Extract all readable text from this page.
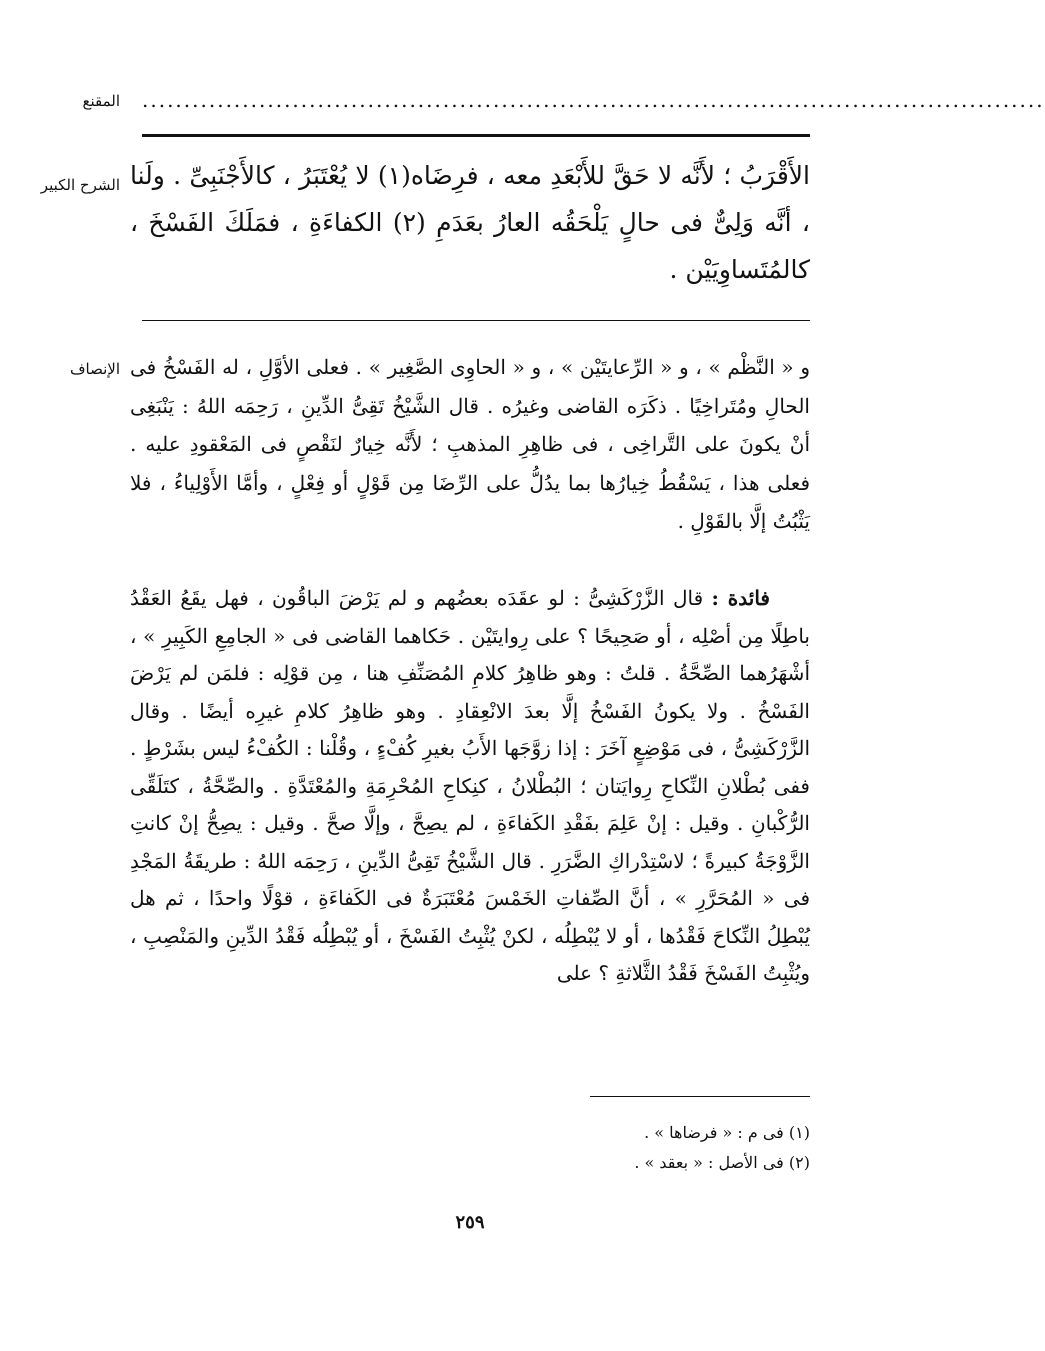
المقنع ............................................................................................................
الشرح الكبير الأَقْرَبُ ؛ لأَنَّه لا حَقَّ للأَبْعَدِ معه ، فرِضَاه(١) لا يُعْتَبَرُ ، كالأَجْنَبِىِّ . ولَنا ، أنَّه وَلِىٌّ فى حالٍ يَلْحَقُه العارُ بعَدَمِ (٢) الكفاءَةِ ، فمَلَكَ الفَسْخَ ، كالمُتَساوِيَيْن .

الإنصاف و « النَّظْم » ، و « الرِّعايتَيْن » ، و « الحاوِى الصَّغِير » . فعلى الأوَّلِ ، له الفَسْخُ فى الحالِ ومُتَراخِيًا . ذكَرَه القاضى وغيرُه . قال الشَّيْخُ تَقِىُّ الدِّينِ ، رَحِمَه اللهُ : يَنْبَغِى أنْ يكونَ على التَّراخِى ، فى ظاهِرِ المذهبِ ؛ لأَنَّه خِيارٌ لنَقْصٍ فى المَعْقودِ عليه . فعلى هذا ، يَسْقُطُ خِيارُها بما يدُلُّ على الرِّضَا مِن قَوْلٍ أو فِعْلٍ ، وأمَّا الأَوْلِياءُ ، فلا يَثْبُتُ إلَّا بالقَوْلِ .

فائدة : قال الزَّرْكَشِىُّ : لو عقَدَه بعضُهم و لم يَرْضَ الباقُون ، فهل يقَعُ العَقْدُ باطِلًا مِن أصْلِه ، أو صَحِيحًا ؟ على رِوايتَيْن . حَكاهما القاضى فى « الجامِعِ الكَبِيرِ » ، أشْهَرُهما الصِّحَّةُ . قلتُ : وهو ظاهِرُ كلامِ المُصَنِّفِ هنا ، مِن قوْلِه : فلمَن لم يَرْضَ الفَسْخُ . ولا يكونُ الفَسْخُ إلَّا بعدَ الانْعِقادِ . وهو ظاهِرُ كلامِ غيرِه أيضًا . وقال الزَّرْكَشِىُّ ، فى مَوْضِعٍ آخَرَ : إذا زوَّجَها الأَبُ بغيرِ كُفْءٍ ، وقُلْنا : الكُفْءُ ليس بشَرْطٍ . ففى بُطْلانِ النِّكاحِ رِوايَتان ؛ البُطْلانُ ، كنِكاحِ المُحْرِمَةِ والمُعْتَدَّةِ . والصِّحَّةُ ، كتَلَقِّى الرُّكْبانِ . وقيل : إنْ عَلِمَ بفَقْدِ الكَفاءَةِ ، لم يصِحَّ ، وإلَّا صحَّ . وقيل : يصِحُّ إنْ كانتِ الزَّوْجَةُ كبيرةً ؛ لاسْتِدْراكِ الضَّرَرِ . قال الشَّيْخُ تَقِىُّ الدِّينِ ، رَحِمَه اللهُ : طريقَةُ المَجْدِ فى « المُحَرَّرِ » ، أنَّ الصِّفاتِ الخَمْسَ مُعْتَبَرَةٌ فى الكَفاءَةِ ، قوْلًا واحدًا ، ثم هل يُبْطِلُ النِّكاحَ فَقْدُها ، أو لا يُبْطِلُه ، لكنْ يُثْبِتُ الفَسْخَ ، أو يُبْطِلُه فَقْدُ الدِّينِ والمَنْصِبِ ، ويُثْبِتُ الفَسْخَ فَقْدُ الثَّلاثةِ ؟ على

(١) فى م : « فرضاها » .
(٢) فى الأصل : « بعقد » .
٢٥٩
